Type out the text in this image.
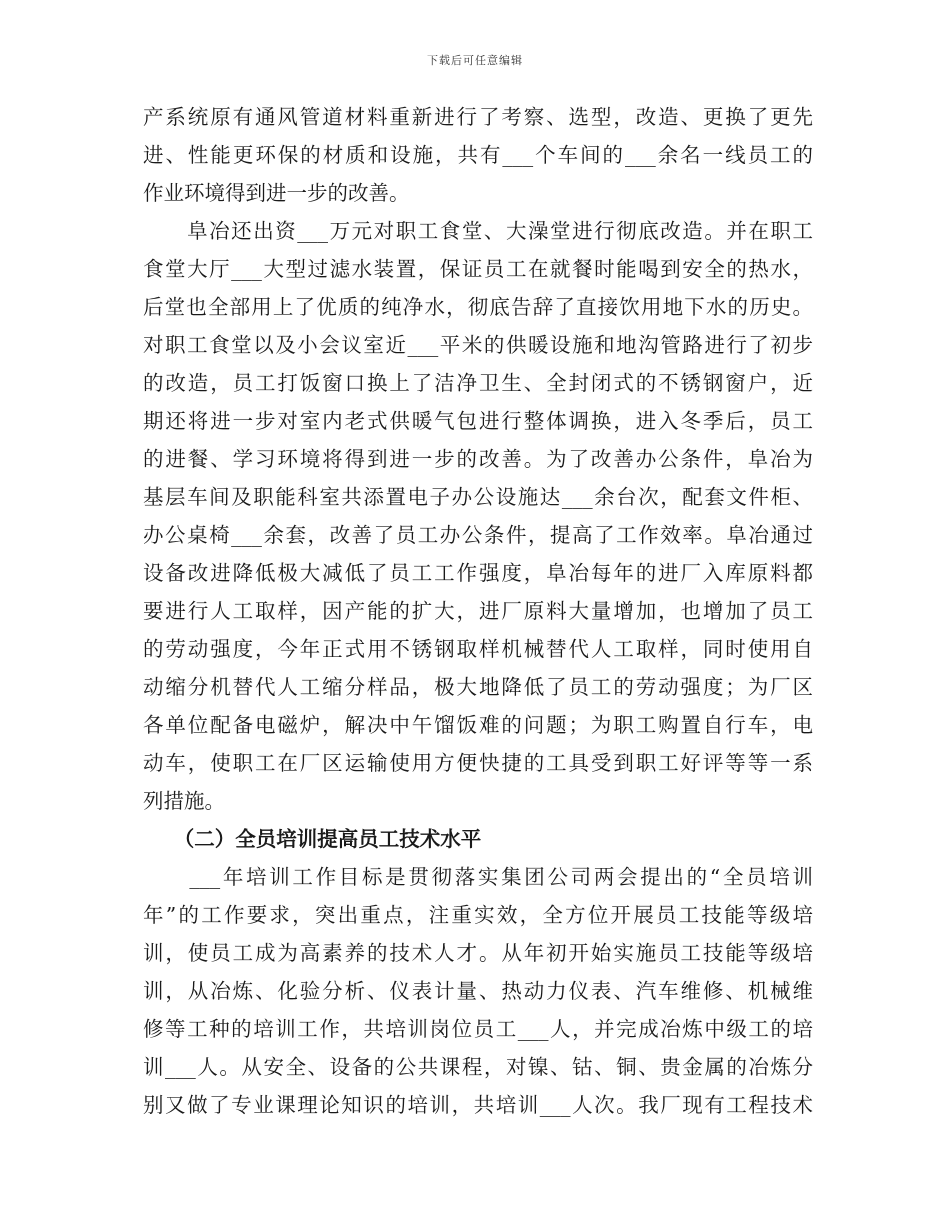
下载后可任意编辑
产系统原有通风管道材料重新进行了考察、选型，改造、更换了更先
进、性能更环保的材质和设施，共有___个车间的___余名一线员工的
作业环境得到进一步的改善。
　　阜冶还出资___万元对职工食堂、大澡堂进行彻底改造。并在职工
食堂大厅___大型过滤水装置，保证员工在就餐时能喝到安全的热水，
后堂也全部用上了优质的纯净水，彻底告辞了直接饮用地下水的历史。
对职工食堂以及小会议室近___平米的供暖设施和地沟管路进行了初步
的改造，员工打饭窗口换上了洁净卫生、全封闭式的不锈钢窗户，近
期还将进一步对室内老式供暖气包进行整体调换，进入冬季后，员工
的进餐、学习环境将得到进一步的改善。为了改善办公条件，阜冶为
基层车间及职能科室共添置电子办公设施达___余台次，配套文件柜、
办公桌椅___余套，改善了员工办公条件，提高了工作效率。阜冶通过
设备改进降低极大减低了员工工作强度，阜冶每年的进厂入库原料都
要进行人工取样，因产能的扩大，进厂原料大量增加，也增加了员工
的劳动强度，今年正式用不锈钢取样机械替代人工取样，同时使用自
动缩分机替代人工缩分样品，极大地降低了员工的劳动强度；为厂区
各单位配备电磁炉，解决中午馏饭难的问题；为职工购置自行车，电
动车，使职工在厂区运输使用方便快捷的工具受到职工好评等等一系
列措施。
　　（二）全员培训提高员工技术水平
　　___年培训工作目标是贯彻落实集团公司两会提出的“全员培训
年”的工作要求，突出重点，注重实效，全方位开展员工技能等级培
训，使员工成为高素养的技术人才。从年初开始实施员工技能等级培
训，从冶炼、化验分析、仪表计量、热动力仪表、汽车维修、机械维
修等工种的培训工作，共培训岗位员工___人，并完成冶炼中级工的培
训___人。从安全、设备的公共课程，对镍、钴、铜、贵金属的冶炼分
别又做了专业课理论知识的培训，共培训___人次。我厂现有工程技术
